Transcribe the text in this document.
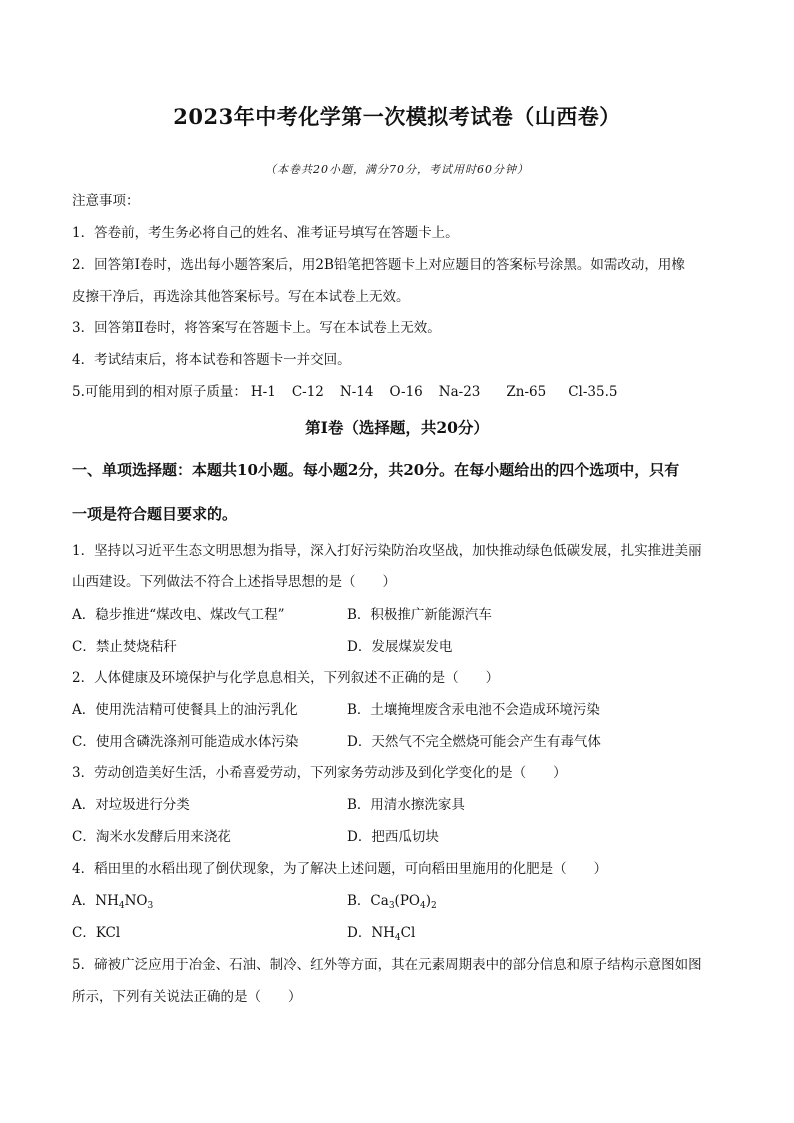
2023年中考化学第一次模拟考试卷（山西卷）
（本卷共20小题，满分70分，考试用时60分钟）
注意事项：
1．答卷前，考生务必将自己的姓名、准考证号填写在答题卡上。
2．回答第Ⅰ卷时，选出每小题答案后，用2B铅笔把答题卡上对应题目的答案标号涂黑。如需改动，用橡
皮擦干净后，再选涂其他答案标号。写在本试卷上无效。
3．回答第Ⅱ卷时，将答案写在答题卡上。写在本试卷上无效。
4．考试结束后，将本试卷和答题卡一并交回。
5.可能用到的相对原子质量： H-1 C-12 N-14 O-16 Na-23 Zn-65 Cl-35.5
第Ⅰ卷（选择题，共20分）
一、单项选择题：本题共10小题。每小题2分，共20分。在每小题给出的四个选项中，只有
一项是符合题目要求的。
1．坚持以习近平生态文明思想为指导，深入打好污染防治攻坚战，加快推动绿色低碳发展，扎实推进美丽
山西建设。下列做法不符合上述指导思想的是（　　）
A．稳步推进“煤改电、煤改气工程”	B．积极推广新能源汽车
C．禁止焚烧秸秆	D．发展煤炭发电
2．人体健康及环境保护与化学息息相关，下列叙述不正确的是（　　）
A．使用洗洁精可使餐具上的油污乳化	B．土壤掩埋废含汞电池不会造成环境污染
C．使用含磷洗涤剂可能造成水体污染	D．天然气不完全燃烧可能会产生有毒气体
3．劳动创造美好生活，小希喜爱劳动，下列家务劳动涉及到化学变化的是（　　）
A．对垃圾进行分类	B．用清水擦洗家具
C．淘米水发酵后用来浇花	D．把西瓜切块
4．稻田里的水稻出现了倒伏现象，为了解决上述问题，可向稻田里施用的化肥是（　　）
A．$NH_4NO_3$	B．$Ca_3(PO_4)_2$
C．KCl	D．$NH_4Cl$
5．碲被广泛应用于冶金、石油、制冷、红外等方面，其在元素周期表中的部分信息和原子结构示意图如图
所示，下列有关说法正确的是（　　）
